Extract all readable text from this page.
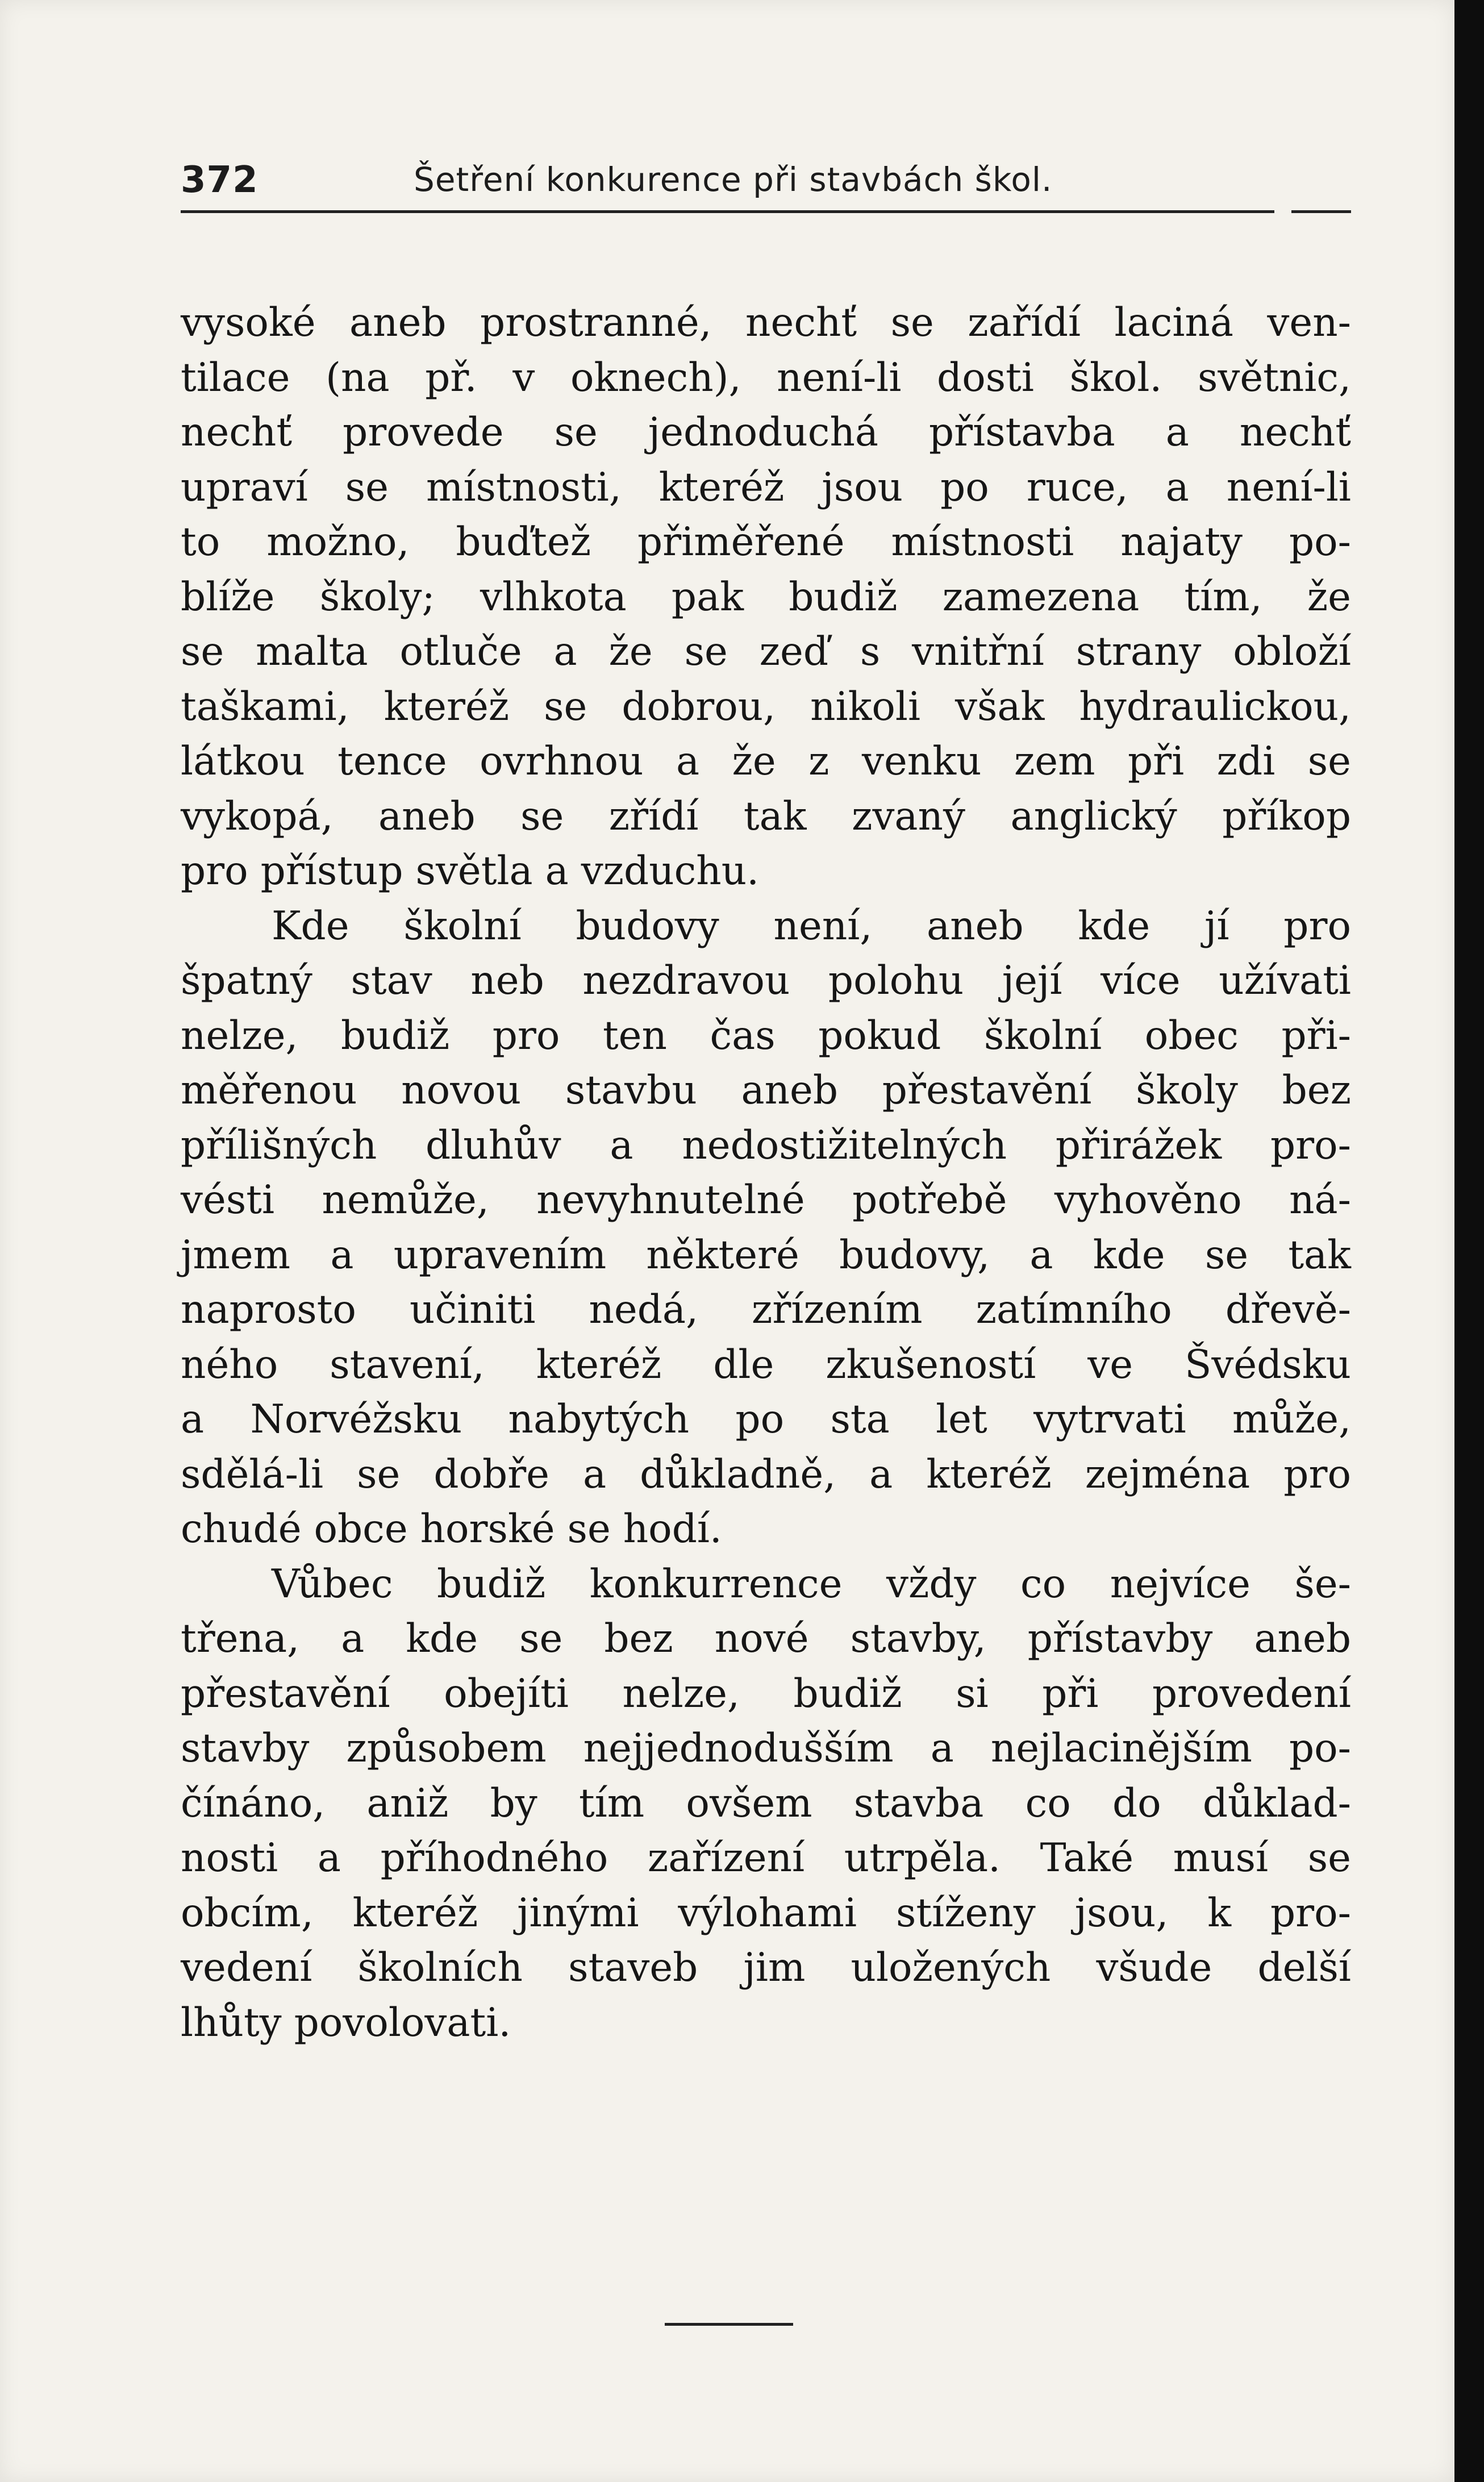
372	Šetření konkurence při stavbách škol.
vysoké aneb prostranné, nechť se zařídí laciná ven-
tilace (na př. v oknech), není-li dosti škol. světnic,
nechť provede se jednoduchá přístavba a nechť
upraví se místnosti, kteréž jsou po ruce, a není-li
to možno, buďtež přiměřené místnosti najaty po-
blíže školy; vlhkota pak budiž zamezena tím, že
se malta otluče a že se zeď s vnitřní strany obloží
taškami, kteréž se dobrou, nikoli však hydraulickou,
látkou tence ovrhnou a že z venku zem při zdi se
vykopá, aneb se zřídí tak zvaný anglický příkop
pro přístup světla a vzduchu.
Kde školní budovy není, aneb kde jí pro
špatný stav neb nezdravou polohu její více užívati
nelze, budiž pro ten čas pokud školní obec při-
měřenou novou stavbu aneb přestavění školy bez
přílišných dluhův a nedostižitelných přirážek pro-
vésti nemůže, nevyhnutelné potřebě vyhověno ná-
jmem a upravením některé budovy, a kde se tak
naprosto učiniti nedá, zřízením zatímního dřevě-
ného stavení, kteréž dle zkušeností ve Švédsku
a Norvéžsku nabytých po sta let vytrvati může,
sdělá-li se dobře a důkladně, a kteréž zejména pro
chudé obce horské se hodí.
Vůbec budiž konkurrence vždy co nejvíce še-
třena, a kde se bez nové stavby, přístavby aneb
přestavění obejíti nelze, budiž si při provedení
stavby způsobem nejjednodušším a nejlacinějším po-
čínáno, aniž by tím ovšem stavba co do důklad-
nosti a příhodného zařízení utrpěla. Také musí se
obcím, kteréž jinými výlohami stíženy jsou, k pro-
vedení školních staveb jim uložených všude delší
lhůty povolovati.
